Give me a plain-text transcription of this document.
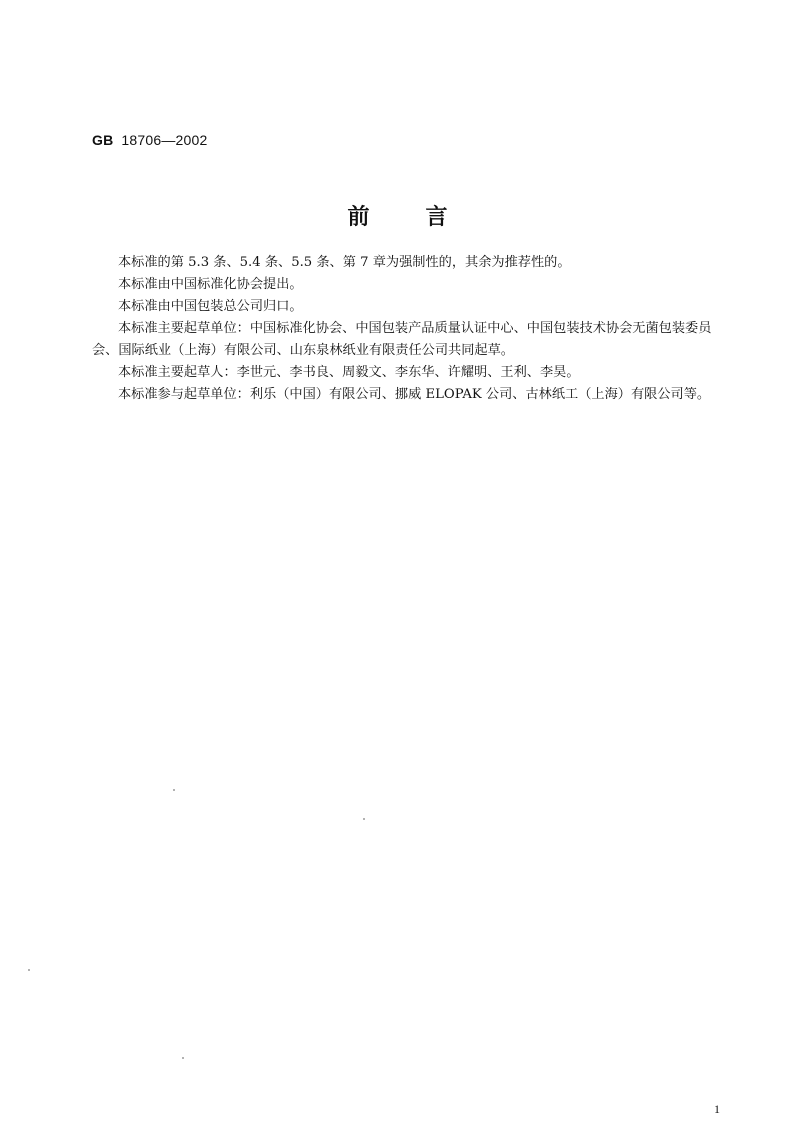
GB 18706—2002
前言

本标准的第 5.3 条、5.4 条、5.5 条、第 7 章为强制性的，其余为推荐性的。

本标准由中国标准化协会提出。

本标准由中国包装总公司归口。

本标准主要起草单位：中国标准化协会、中国包装产品质量认证中心、中国包装技术协会无菌包装委员会、国际纸业（上海）有限公司、山东泉林纸业有限责任公司共同起草。

本标准主要起草人：李世元、李书良、周毅文、李东华、许耀明、王利、李昊。

本标准参与起草单位：利乐（中国）有限公司、挪威 ELOPAK 公司、古林纸工（上海）有限公司等。

1
